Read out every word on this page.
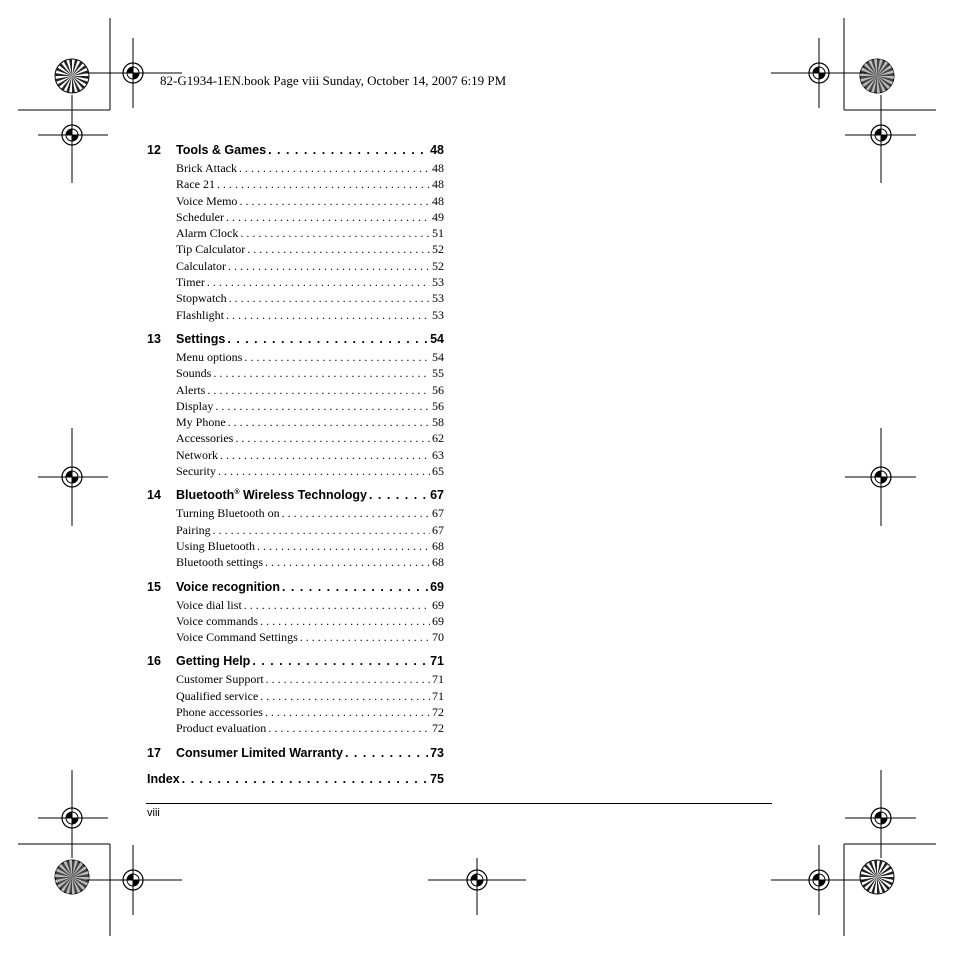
82-G1934-1EN.book Page viii Sunday, October 14, 2007 6:19 PM
12	Tools & Games . . .	48
Brick Attack . . .	48
Race 21 . . .	48
Voice Memo . . .	48
Scheduler . . .	49
Alarm Clock . . .	51
Tip Calculator . . .	52
Calculator . . .	52
Timer . . .	53
Stopwatch . . .	53
Flashlight . . .	53
13	Settings . . .	54
Menu options . . .	54
Sounds . . .	55
Alerts . . .	56
Display . . .	56
My Phone . . .	58
Accessories . . .	62
Network . . .	63
Security . . .	65
14	Bluetooth® Wireless Technology . . .	67
Turning Bluetooth on . . .	67
Pairing . . .	67
Using Bluetooth . . .	68
Bluetooth settings . . .	68
15	Voice recognition . . .	69
Voice dial list . . .	69
Voice commands . . .	69
Voice Command Settings . . .	70
16	Getting Help . . .	71
Customer Support . . .	71
Qualified service . . .	71
Phone accessories . . .	72
Product evaluation . . .	72
17	Consumer Limited Warranty . . .	73
Index . . .	75
viii
